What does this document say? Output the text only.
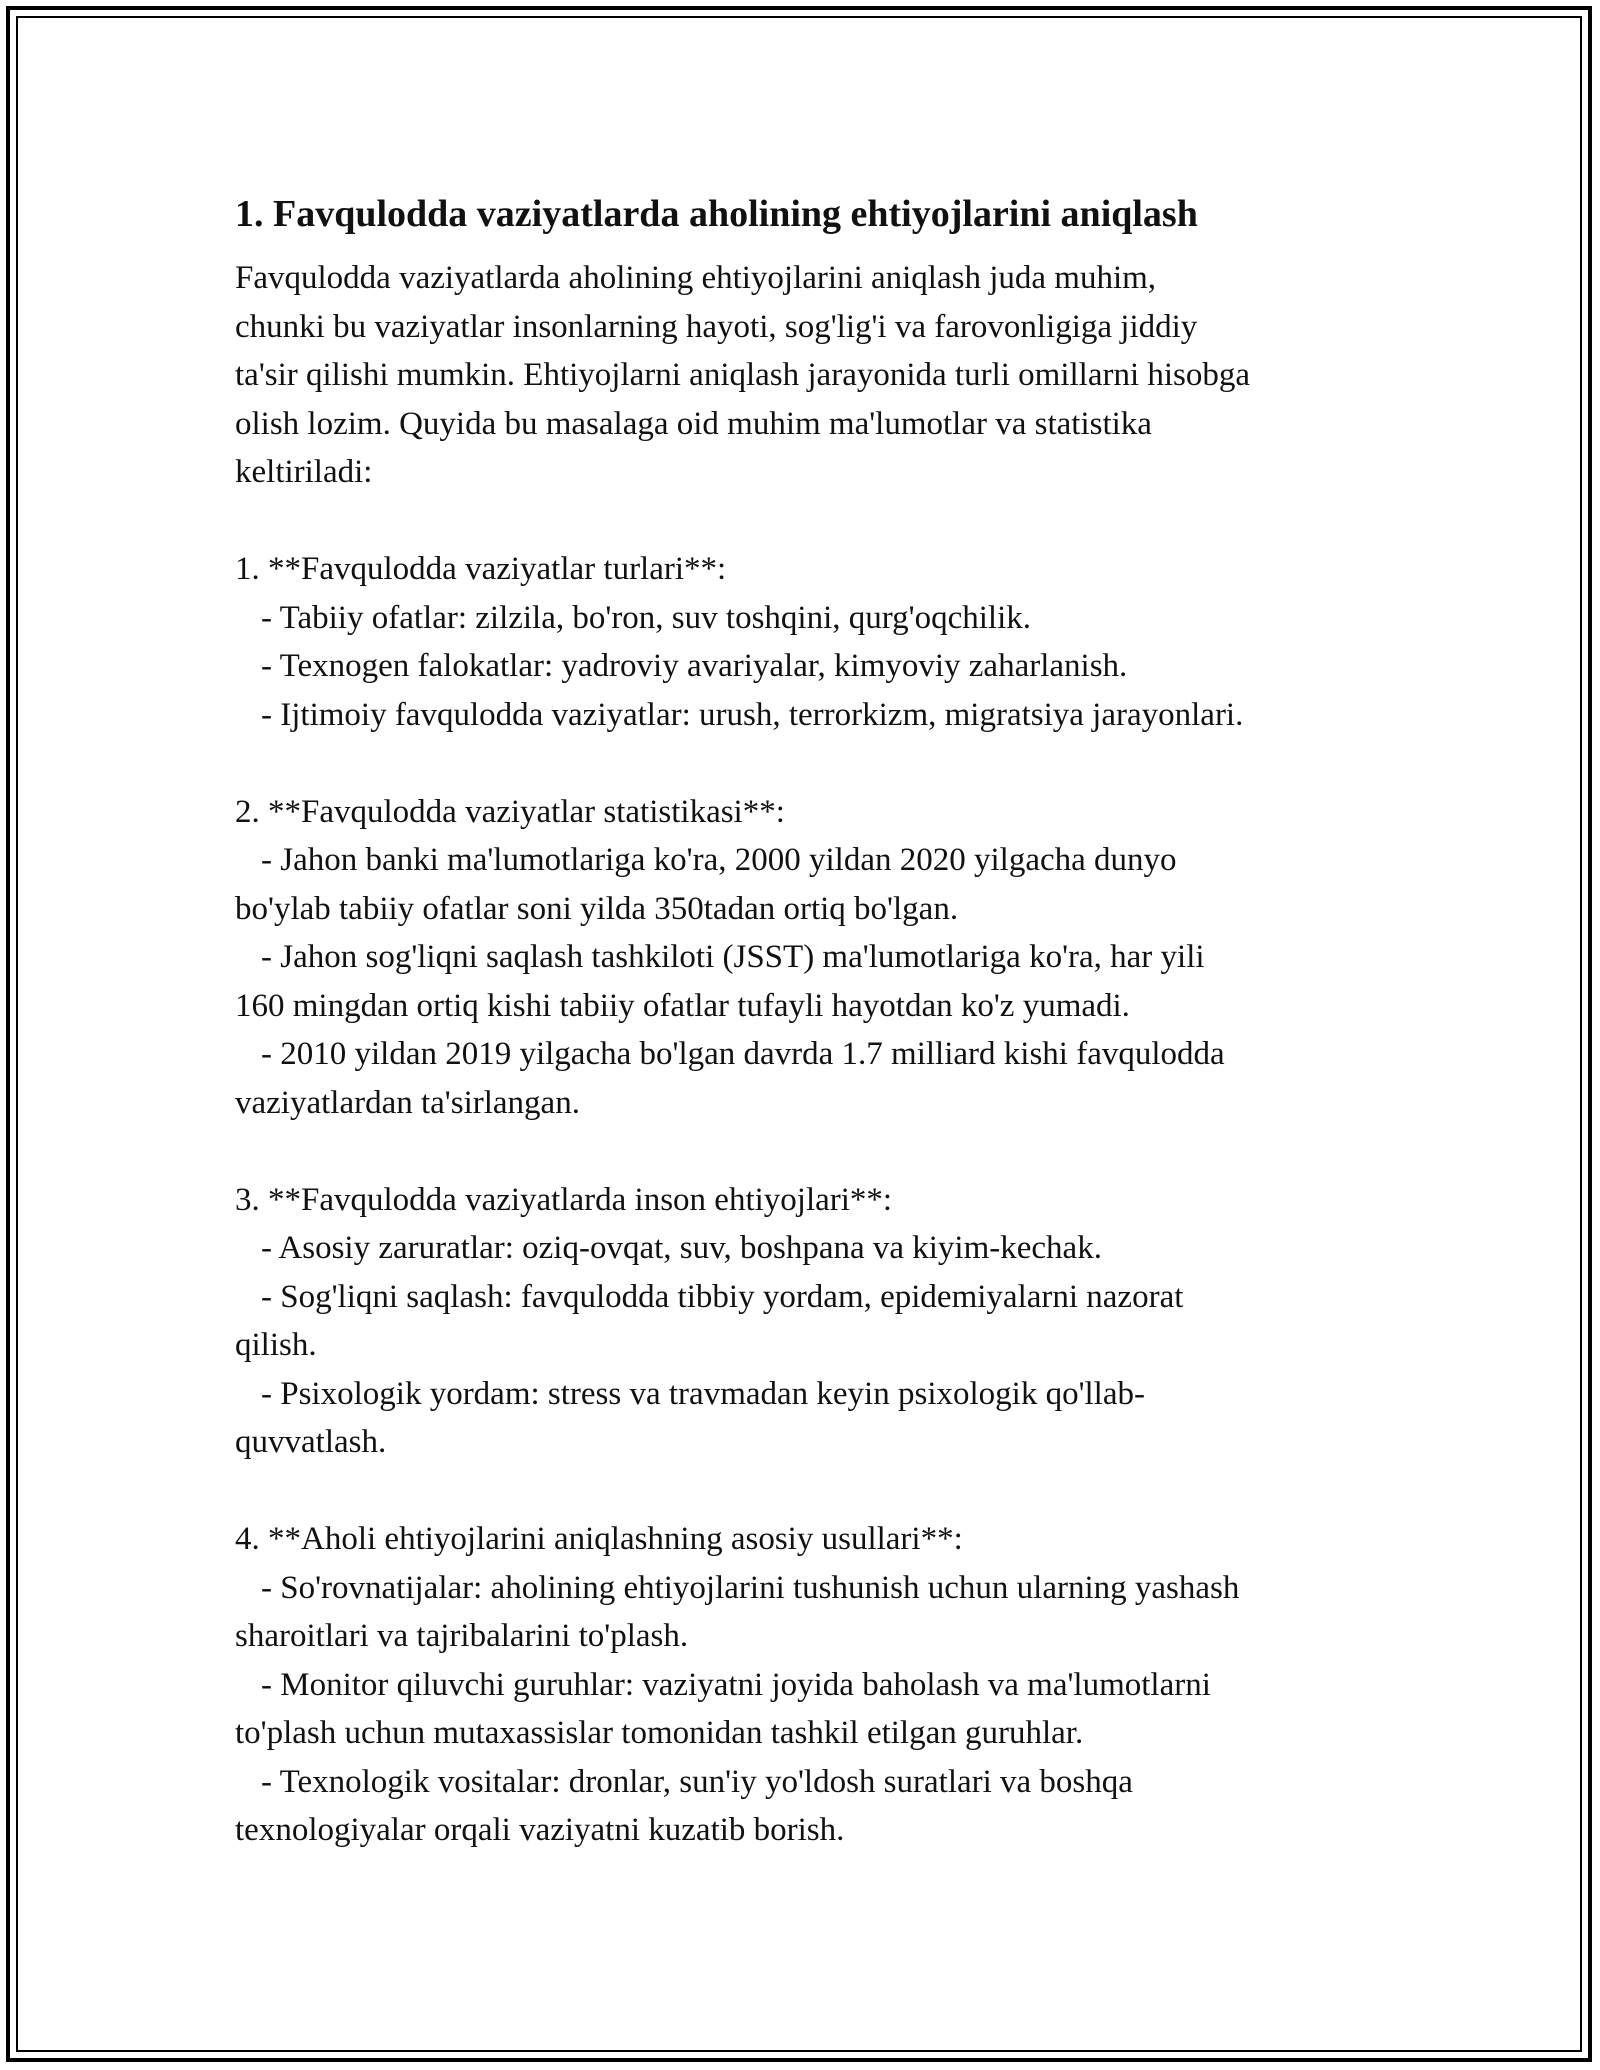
1. Favqulodda vaziyatlarda aholining ehtiyojlarini aniqlash
Favqulodda vaziyatlarda aholining ehtiyojlarini aniqlash juda muhim,
chunki bu vaziyatlar insonlarning hayoti, sog'lig'i va farovonligiga jiddiy
ta'sir qilishi mumkin. Ehtiyojlarni aniqlash jarayonida turli omillarni hisobga
olish lozim. Quyida bu masalaga oid muhim ma'lumotlar va statistika
keltiriladi:
1. **Favqulodda vaziyatlar turlari**:
- Tabiiy ofatlar: zilzila, bo'ron, suv toshqini, qurg'oqchilik.
- Texnogen falokatlar: yadroviy avariyalar, kimyoviy zaharlanish.
- Ijtimoiy favqulodda vaziyatlar: urush, terrorkizm, migratsiya jarayonlari.
2. **Favqulodda vaziyatlar statistikasi**:
- Jahon banki ma'lumotlariga ko'ra, 2000 yildan 2020 yilgacha dunyo
bo'ylab tabiiy ofatlar soni yilda 350tadan ortiq bo'lgan.
- Jahon sog'liqni saqlash tashkiloti (JSST) ma'lumotlariga ko'ra, har yili
160 mingdan ortiq kishi tabiiy ofatlar tufayli hayotdan ko'z yumadi.
- 2010 yildan 2019 yilgacha bo'lgan davrda 1.7 milliard kishi favqulodda
vaziyatlardan ta'sirlangan.
3. **Favqulodda vaziyatlarda inson ehtiyojlari**:
- Asosiy zaruratlar: oziq-ovqat, suv, boshpana va kiyim-kechak.
- Sog'liqni saqlash: favqulodda tibbiy yordam, epidemiyalarni nazorat
qilish.
- Psixologik yordam: stress va travmadan keyin psixologik qo'llab-
quvvatlash.
4. **Aholi ehtiyojlarini aniqlashning asosiy usullari**:
- So'rovnatijalar: aholining ehtiyojlarini tushunish uchun ularning yashash
sharoitlari va tajribalarini to'plash.
- Monitor qiluvchi guruhlar: vaziyatni joyida baholash va ma'lumotlarni
to'plash uchun mutaxassislar tomonidan tashkil etilgan guruhlar.
- Texnologik vositalar: dronlar, sun'iy yo'ldosh suratlari va boshqa
texnologiyalar orqali vaziyatni kuzatib borish.
